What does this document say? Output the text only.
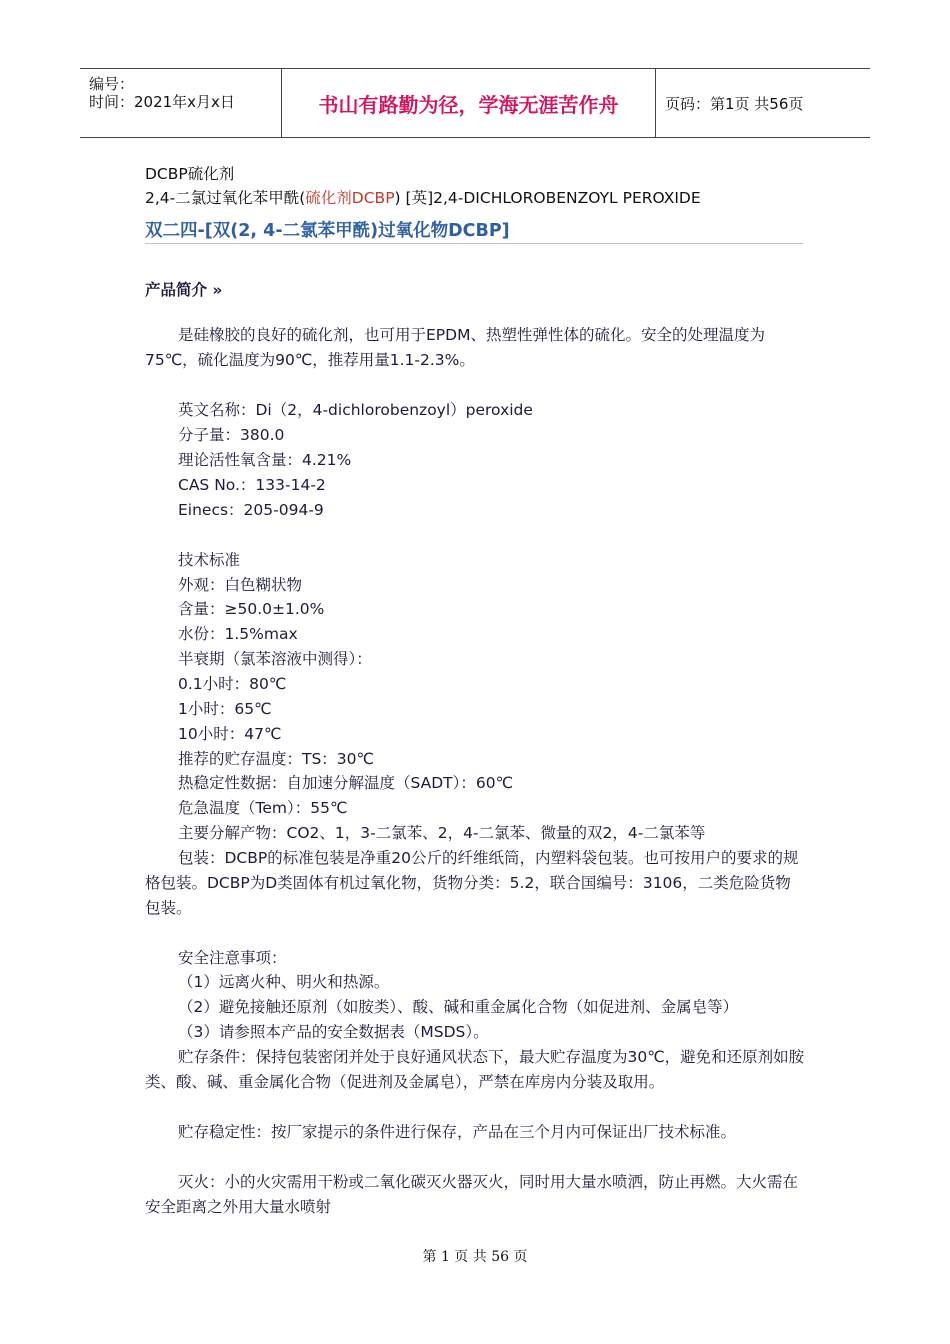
编号：
时间：2021年x月x日	书山有路勤为径，学海无涯苦作舟	页码：第1页 共56页
DCBP硫化剂
2,4-二氯过氧化苯甲酰(硫化剂DCBP) [英]2,4-DICHLOROBENZOYL PEROXIDE
双二四-[双(2, 4-二氯苯甲酰)过氧化物DCBP]
产品简介 »
是硅橡胶的良好的硫化剂，也可用于EPDM、热塑性弹性体的硫化。安全的处理温度为75℃，硫化温度为90℃，推荐用量1.1-2.3%。
英文名称：Di（2，4-dichlorobenzoyl）peroxide
分子量：380.0
理论活性氧含量：4.21%
CAS No.：133-14-2
Einecs：205-094-9
技术标准
外观：白色糊状物
含量：≥50.0±1.0%
水份：1.5%max
半衰期（氯苯溶液中测得）：
0.1小时：80℃
1小时：65℃
10小时：47℃
推荐的贮存温度：TS：30℃
热稳定性数据：自加速分解温度（SADT）：60℃
危急温度（Tem）：55℃
主要分解产物：CO2、1，3-二氯苯、2，4-二氯苯、微量的双2，4-二氯苯等
包装：DCBP的标准包装是净重20公斤的纤维纸筒，内塑料袋包装。也可按用户的要求的规格包装。DCBP为D类固体有机过氧化物，货物分类：5.2，联合国编号：3106，二类危险货物包装。
安全注意事项：
（1）远离火种、明火和热源。
（2）避免接触还原剂（如胺类）、酸、碱和重金属化合物（如促进剂、金属皂等）
（3）请参照本产品的安全数据表（MSDS）。
贮存条件：保持包装密闭并处于良好通风状态下，最大贮存温度为30℃，避免和还原剂如胺类、酸、碱、重金属化合物（促进剂及金属皂），严禁在库房内分装及取用。
贮存稳定性：按厂家提示的条件进行保存，产品在三个月内可保证出厂技术标准。
灭火：小的火灾需用干粉或二氧化碳灭火器灭火，同时用大量水喷洒，防止再燃。大火需在安全距离之外用大量水喷射
第 1 页 共 56 页
